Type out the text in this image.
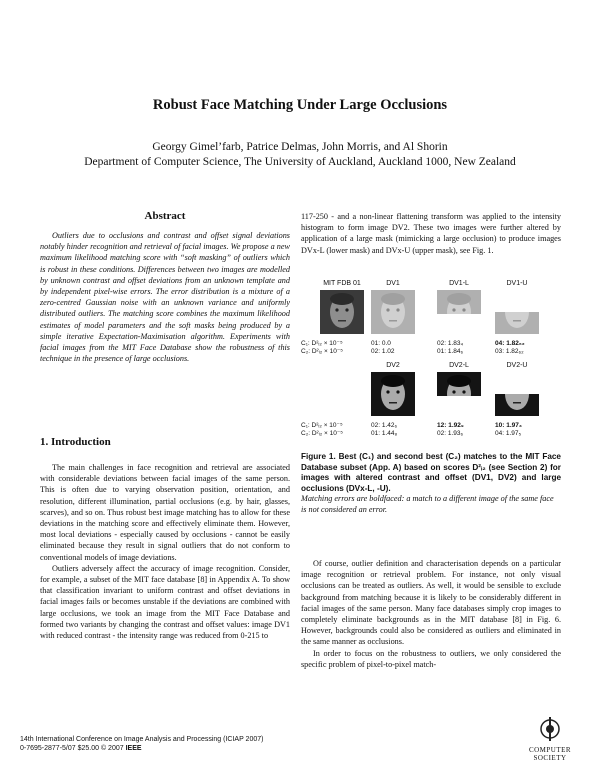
Robust Face Matching Under Large Occlusions
Georgy Gimel’farb, Patrice Delmas, John Morris, and Al Shorin
Department of Computer Science, The University of Auckland, Auckland 1000, New Zealand
Abstract

Outliers due to occlusions and contrast and offset signal deviations notably hinder recognition and retrieval of facial images. We propose a new maximum likelihood matching score with “soft masking” of outliers which is robust in these conditions. Differences between two images are modelled by unknown contrast and offset deviations from an unknown template and by independent pixel-wise errors. The error distribution is a mixture of a zero-centred Gaussian noise with an unknown variance and uniformly distributed outliers. The matching score combines the maximum likelihood estimates of model parameters and the soft masks being produced by a simple iterative Expectation-Maximisation algorithm. Experiments with facial images from the MIT Face Database show the robustness of this technique in the presence of large occlusions.

1. Introduction

The main challenges in face recognition and retrieval are associated with considerable deviations between facial images of the same person. This is often due to varying observation position, orientation, and resolution, different illumination, partial occlusions (e.g. by hair, glasses, scarves), and so on. Thus robust best image matching has to allow for these deviations in the matching score and effectively eliminate them. However, most local deviations - especially caused by occlusions - cannot be easily eliminated because they result in signal outliers that do not conform to conventional models of image deviations.

Outliers adversely affect the accuracy of image recognition. Consider, for example, a subset of the MIT face database [8] in Appendix A. To show that classification invariant to uniform contrast and offset deviations in facial images fails or becomes unstable if the deviations are combined with large occlusions, we took an image from the MIT Face Database and formed two variants by changing the contrast and offset values: image DV1 with reduced contrast - the intensity range was reduced from 0-215 to

117-250 - and a non-linear flattening transform was applied to the intensity histogram to form image DV2. These two images were further altered by application of a large mask (mimicking a large occlusion) to produce images DVx-L (lower mask) and DVx-U (upper mask), see Fig. 1.

MIT FDB 01	DV1	DV1-L	DV1-U
C₁: D²ᵢ₂ × 10⁻⁵
C₂: D²ᵢ₂ × 10⁻⁵
01: 0.0
02: 1.02
02: 1.83₄
01: 1.84₆
04: 1.82₆₂
03: 1.82₆₂
DV2	DV2-L	DV2-U
C₁: D²ᵢ₂ × 10⁻⁵
C₂: D²ᵢ₂ × 10⁻⁵
02: 1.42₆
01: 1.44₈
12: 1.92₉
02: 1.93₆
10: 1.97₃
04: 1.97₅

Figure 1. Best (C₁) and second best (C₂) matches to the MIT Face Database subset (App. A) based on scores D²ᵢ₂ (see Section 2) for images with altered contrast and offset (DV1, DV2) and large occlusions (DVx-L, -U).

Matching errors are boldfaced: a match to a different image of the same face is not considered an error.

Of course, outlier definition and characterisation depends on a particular image recognition or retrieval problem. For instance, not only visual occlusions can be treated as outliers. As well, it would be sensible to exclude background from matching because it is likely to be considerably different in facial images of the same person. Many face databases simply crop images to completely eliminate backgrounds as in the MIT database [8] in Fig. 6. However, backgrounds could also be considered as outliers and eliminated in the same manner as occlusions.

In order to focus on the robustness to outliers, we only considered the specific problem of pixel-to-pixel match-

14th International Conference on Image Analysis and Processing (ICIAP 2007)
0-7695-2877-5/07 $25.00 © 2007 IEEE	COMPUTER SOCIETY
